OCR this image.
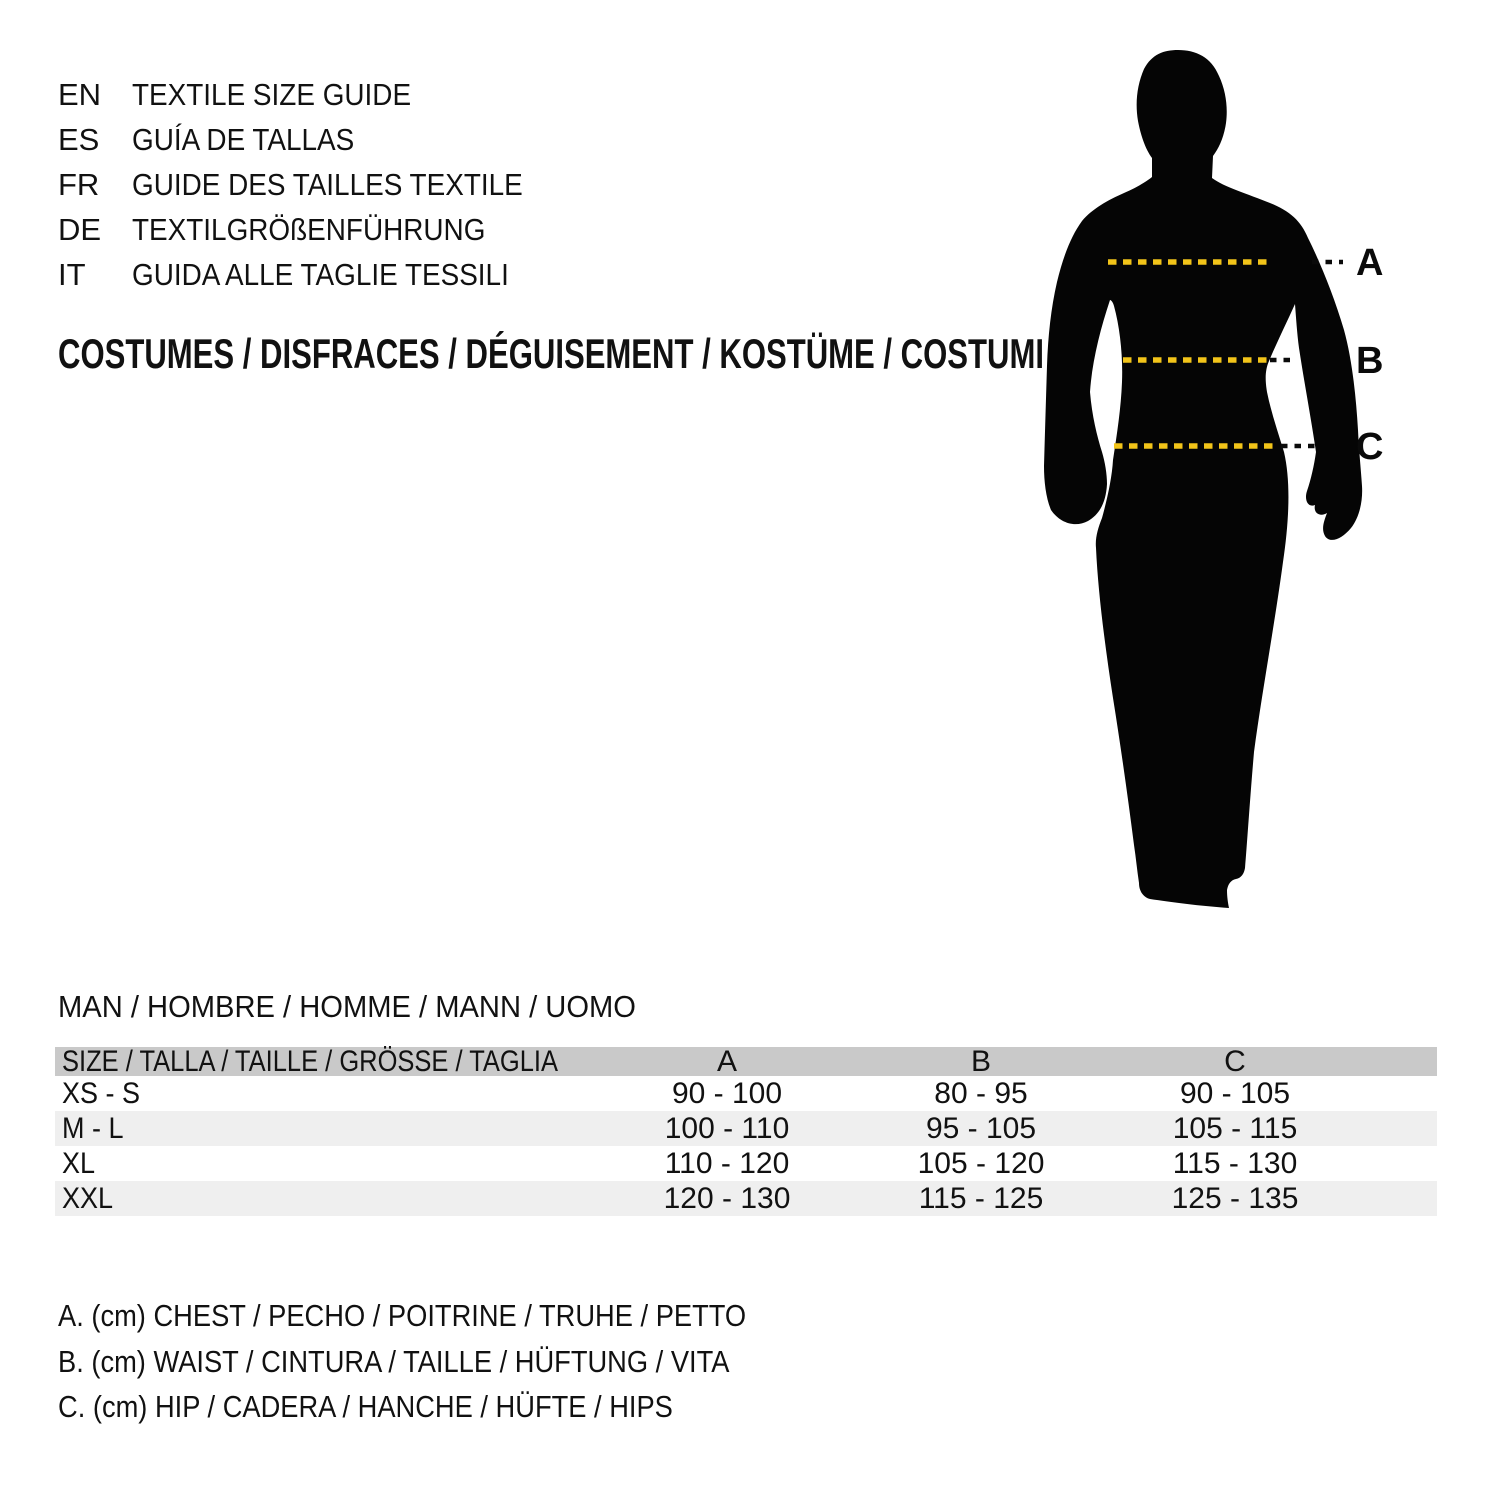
EN TEXTILE SIZE GUIDE
ES	GUÍA DE TALLAS
FR	GUIDE DES TAILLES TEXTILE
DE TEXTILGRÖßENFÜHRUNG
IT	GUIDA ALLE TAGLIE TESSILI
COSTUMES / DISFRACES / DÉGUISEMENT / KOSTÜME / COSTUMI
A
B
C
MAN / HOMBRE / HOMME / MANN / UOMO
SIZE / TALLA / TAILLE / GRÖSSE / TAGLIA	A	B	C
XS - S	90 - 100	80 - 95	90 - 105
M - L	100 - 110	95 - 105	105 - 115
XL	110 - 120	105 - 120	115 - 130
XXL	120 - 130	115 - 125	125 - 135
A. (cm) CHEST / PECHO / POITRINE / TRUHE / PETTO
B. (cm) WAIST / CINTURA / TAILLE / HÜFTUNG / VITA
C. (cm) HIP / CADERA / HANCHE / HÜFTE / HIPS
